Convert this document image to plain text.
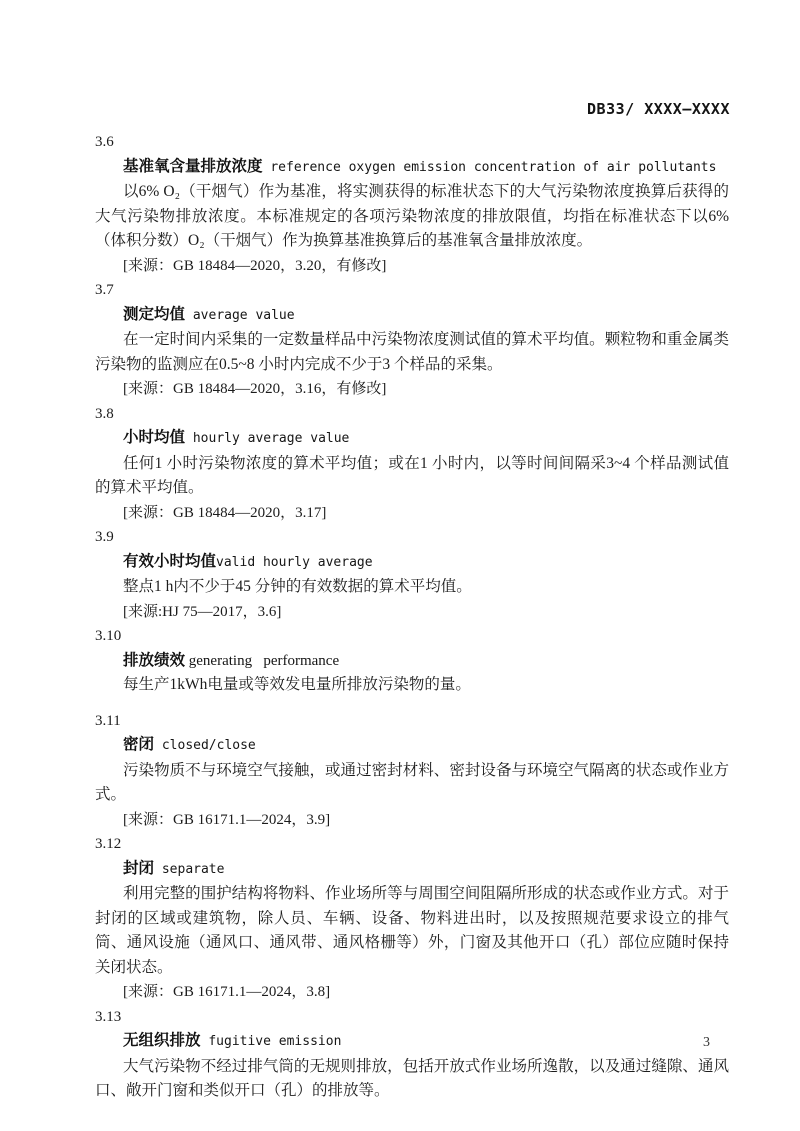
DB33/ XXXX—XXXX
3.6
基准氧含量排放浓度 reference oxygen emission concentration of air pollutants

以6% O₂（干烟气）作为基准，将实测获得的标准状态下的大气污染物浓度换算后获得的大气污染物排放浓度。本标准规定的各项污染物浓度的排放限值，均指在标准状态下以6%（体积分数）O₂（干烟气）作为换算基准换算后的基准氧含量排放浓度。

[来源：GB 18484—2020，3.20，有修改]

3.7
测定均值 average value

在一定时间内采集的一定数量样品中污染物浓度测试值的算术平均值。颗粒物和重金属类污染物的监测应在0.5~8 小时内完成不少于3 个样品的采集。

[来源：GB 18484—2020，3.16，有修改]

3.8
小时均值 hourly average value

任何1 小时污染物浓度的算术平均值；或在1 小时内，以等时间间隔采3~4 个样品测试值的算术平均值。

[来源：GB 18484—2020，3.17]

3.9
有效小时均值valid hourly average

整点1 h内不少于45 分钟的有效数据的算术平均值。

[来源:HJ 75—2017，3.6]

3.10
排放绩效 generating   performance

每生产1kWh电量或等效发电量所排放污染物的量。

3.11
密闭 closed/close

污染物质不与环境空气接触，或通过密封材料、密封设备与环境空气隔离的状态或作业方式。

[来源：GB 16171.1—2024，3.9]

3.12
封闭 separate

利用完整的围护结构将物料、作业场所等与周围空间阻隔所形成的状态或作业方式。对于封闭的区域或建筑物，除人员、车辆、设备、物料进出时，以及按照规范要求设立的排气筒、通风设施（通风口、通风带、通风格栅等）外，门窗及其他开口（孔）部位应随时保持关闭状态。

[来源：GB 16171.1—2024，3.8]

3.13
无组织排放 fugitive emission

大气污染物不经过排气筒的无规则排放，包括开放式作业场所逸散，以及通过缝隙、通风口、敞开门窗和类似开口（孔）的排放等。

3
